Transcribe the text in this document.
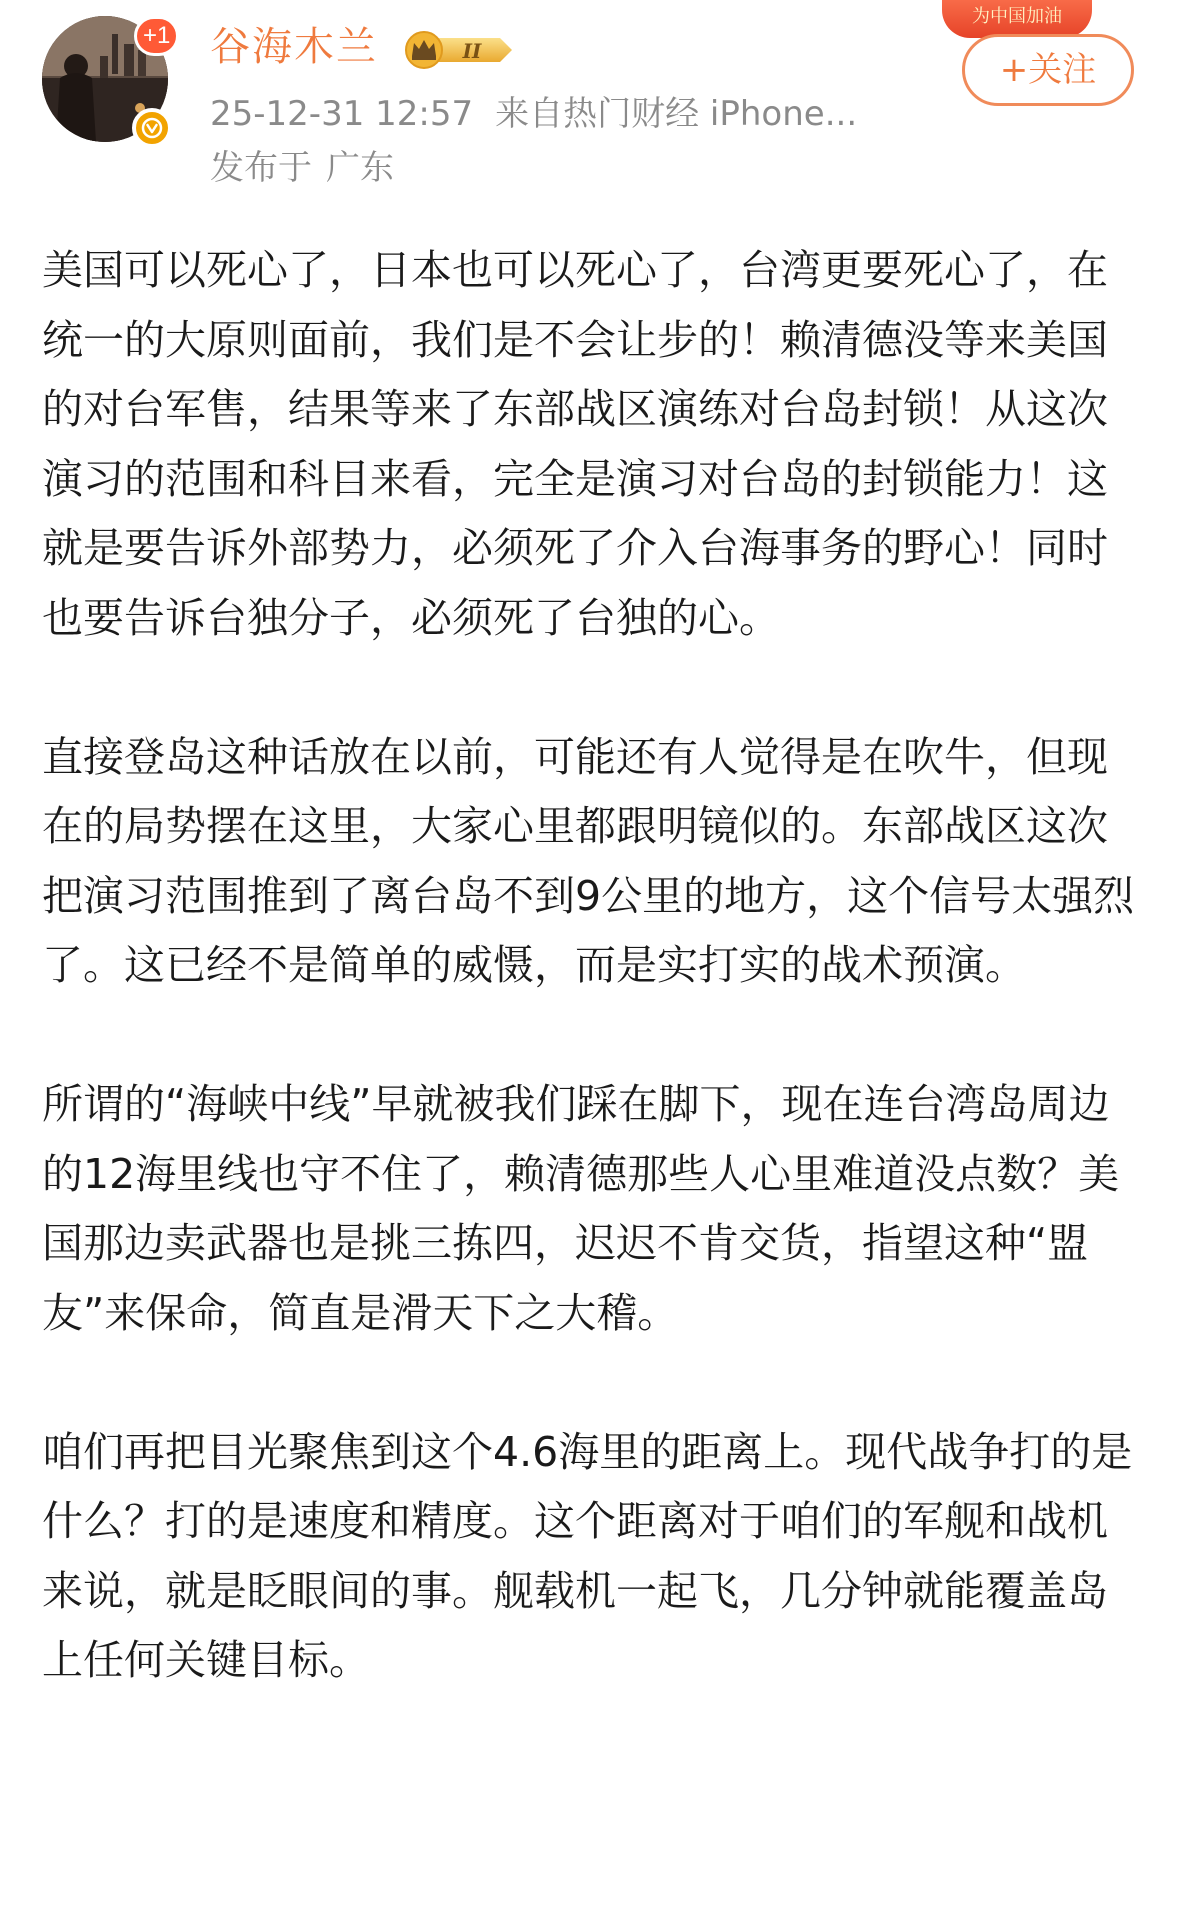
+1 谷海木兰	II
25-12-31 12:57 来自热门财经 iPhone...
发布于 广东
为中国加油
+关注

美国可以死心了，日本也可以死心了，台湾更要死心了，在统一的大原则面前，我们是不会让步的！赖清德没等来美国的对台军售，结果等来了东部战区演练对台岛封锁！从这次演习的范围和科目来看，完全是演习对台岛的封锁能力！这就是要告诉外部势力，必须死了介入台海事务的野心！同时也要告诉台独分子，必须死了台独的心。

直接登岛这种话放在以前，可能还有人觉得是在吹牛，但现在的局势摆在这里，大家心里都跟明镜似的。东部战区这次把演习范围推到了离台岛不到9公里的地方，这个信号太强烈了。这已经不是简单的威慑，而是实打实的战术预演。

所谓的“海峡中线”早就被我们踩在脚下，现在连台湾岛周边的12海里线也守不住了，赖清德那些人心里难道没点数？美国那边卖武器也是挑三拣四，迟迟不肯交货，指望这种“盟友”来保命，简直是滑天下之大稽。

咱们再把目光聚焦到这个4.6海里的距离上。现代战争打的是什么？打的是速度和精度。这个距离对于咱们的军舰和战机来说，就是眨眼间的事。舰载机一起飞，几分钟就能覆盖岛上任何关键目标。
